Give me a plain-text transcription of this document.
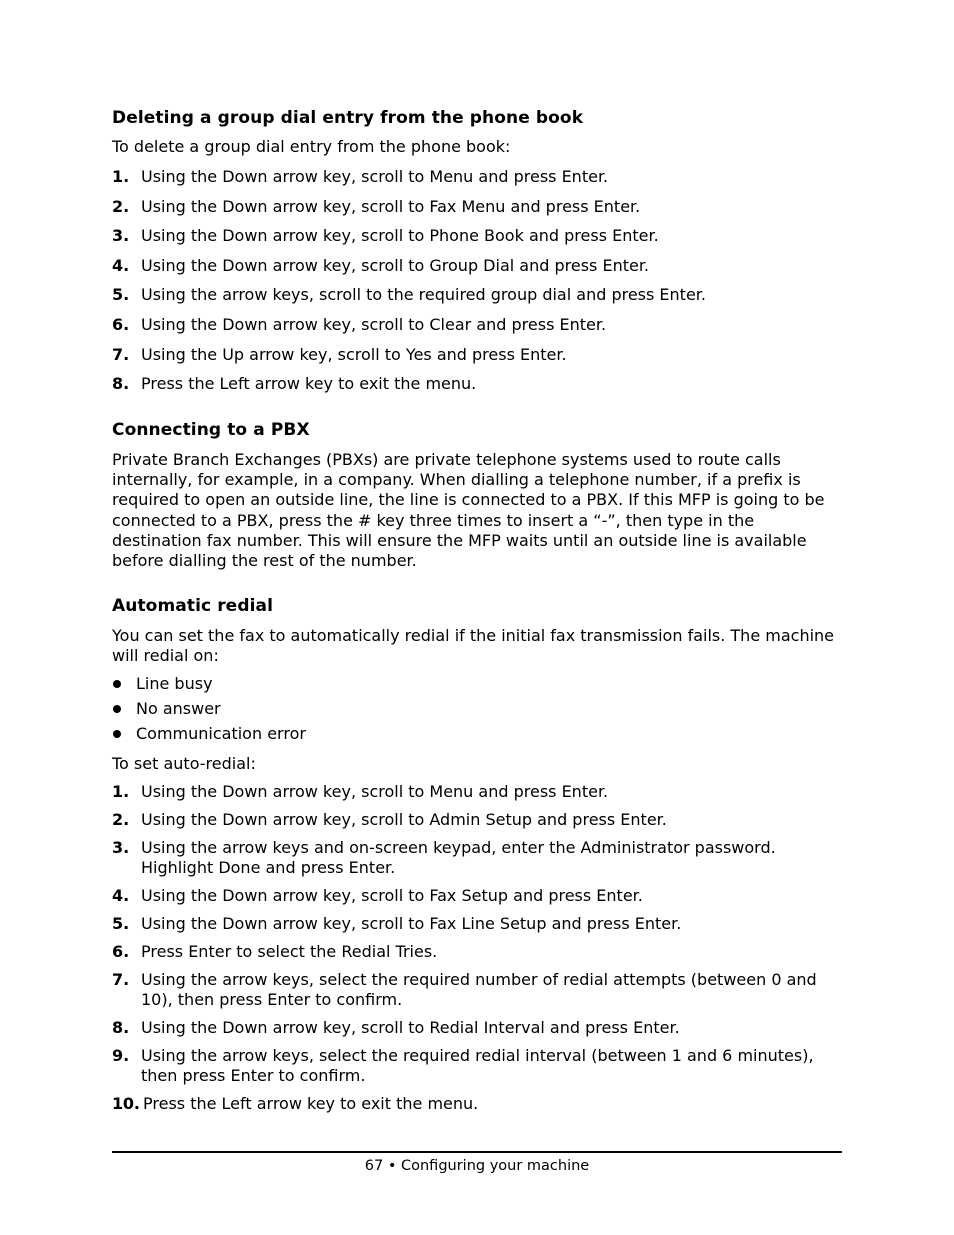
Deleting a group dial entry from the phone book

To delete a group dial entry from the phone book:

1. Using the Down arrow key, scroll to Menu and press Enter.
2. Using the Down arrow key, scroll to Fax Menu and press Enter.
3. Using the Down arrow key, scroll to Phone Book and press Enter.
4. Using the Down arrow key, scroll to Group Dial and press Enter.
5. Using the arrow keys, scroll to the required group dial and press Enter.
6. Using the Down arrow key, scroll to Clear and press Enter.
7. Using the Up arrow key, scroll to Yes and press Enter.
8. Press the Left arrow key to exit the menu.
Connecting to a PBX

Private Branch Exchanges (PBXs) are private telephone systems used to route calls internally, for example, in a company. When dialling a telephone number, if a prefix is required to open an outside line, the line is connected to a PBX. If this MFP is going to be connected to a PBX, press the # key three times to insert a “-”, then type in the destination fax number. This will ensure the MFP waits until an outside line is available before dialling the rest of the number.

Automatic redial

You can set the fax to automatically redial if the initial fax transmission fails. The machine will redial on:

Line busy
No answer
Communication error

To set auto-redial:

1. Using the Down arrow key, scroll to Menu and press Enter.
2. Using the Down arrow key, scroll to Admin Setup and press Enter.
3. Using the arrow keys and on-screen keypad, enter the Administrator password. Highlight Done and press Enter.
4. Using the Down arrow key, scroll to Fax Setup and press Enter.
5. Using the Down arrow key, scroll to Fax Line Setup and press Enter.
6. Press Enter to select the Redial Tries.
7. Using the arrow keys, select the required number of redial attempts (between 0 and 10), then press Enter to confirm.
8. Using the Down arrow key, scroll to Redial Interval and press Enter.
9. Using the arrow keys, select the required redial interval (between 1 and 6 minutes), then press Enter to confirm.
10. Press the Left arrow key to exit the menu.
67 • Configuring your machine
